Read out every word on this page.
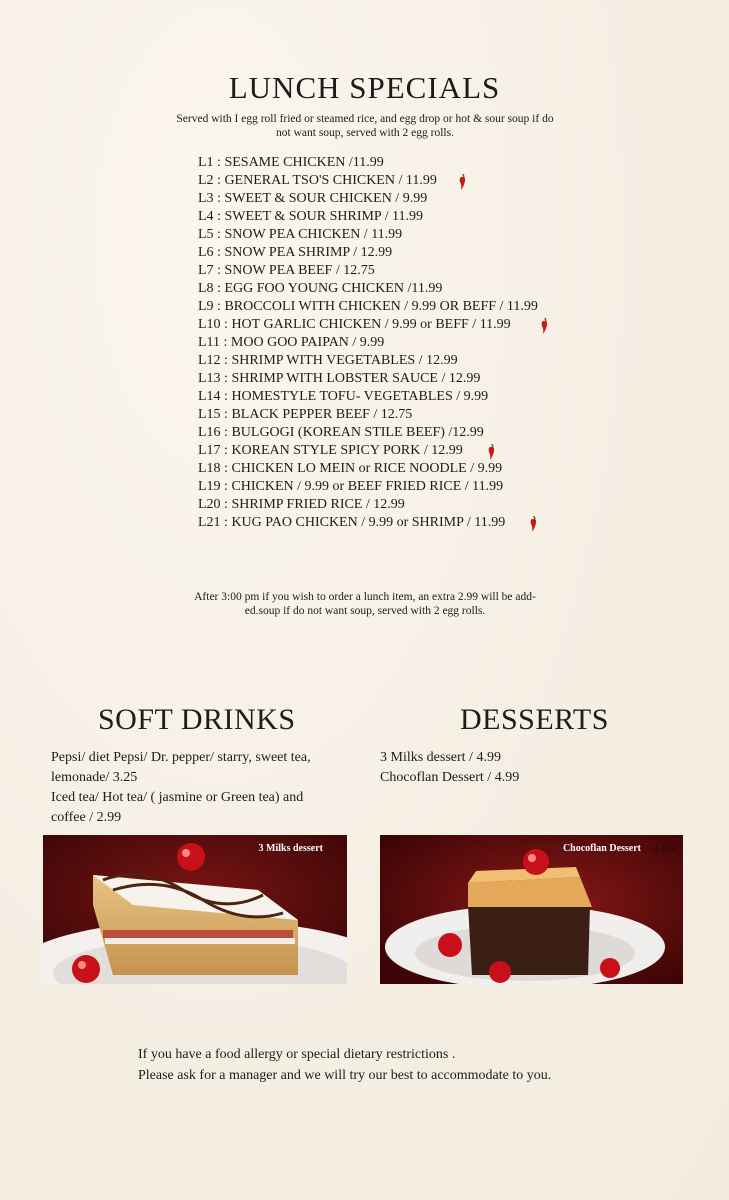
LUNCH SPECIALS
Served with I egg roll fried or steamed rice, and egg drop or hot & sour soup if do not want soup, served with 2 egg rolls.
L1 : SESAME CHICKEN /11.99
L2 : GENERAL TSO'S CHICKEN / 11.99
L3 : SWEET & SOUR CHICKEN / 9.99
L4 : SWEET & SOUR SHRIMP / 11.99
L5 : SNOW PEA CHICKEN / 11.99
L6 : SNOW PEA SHRIMP / 12.99
L7 : SNOW PEA BEEF / 12.75
L8 : EGG FOO YOUNG CHICKEN /11.99
L9 : BROCCOLI WITH CHICKEN / 9.99 OR BEFF / 11.99
L10 : HOT GARLIC CHICKEN / 9.99 or BEFF / 11.99
L11 : MOO GOO PAIPAN / 9.99
L12 : SHRIMP WITH VEGETABLES / 12.99
L13 : SHRIMP WITH LOBSTER SAUCE / 12.99
L14 : HOMESTYLE TOFU- VEGETABLES / 9.99
L15 : BLACK PEPPER BEEF / 12.75
L16 : BULGOGI (KOREAN STILE BEEF) /12.99
L17 : KOREAN STYLE SPICY PORK / 12.99
L18 : CHICKEN LO MEIN or RICE NOODLE / 9.99
L19 : CHICKEN / 9.99 or BEEF FRIED RICE / 11.99
L20 : SHRIMP FRIED RICE / 12.99
L21 : KUG PAO CHICKEN / 9.99 or SHRIMP / 11.99
After 3:00 pm if you wish to order a lunch item, an extra 2.99 will be add-ed.soup if do not want soup, served with 2 egg rolls.
SOFT DRINKS	DESSERTS

Pepsi/ diet Pepsi/ Dr. pepper/ starry, sweet tea, lemonade/ 3.25

Iced tea/ Hot tea/ ( jasmine or Green tea) and coffee / 2.99

3 Milks dessert / 4.99

Chocoflan Dessert / 4.99

3 Milks dessert	Chocoflan Dessert 4.99

If you have a food allergy or special dietary restrictions .

Please ask for a manager and we will try our best to accommodate to you.
